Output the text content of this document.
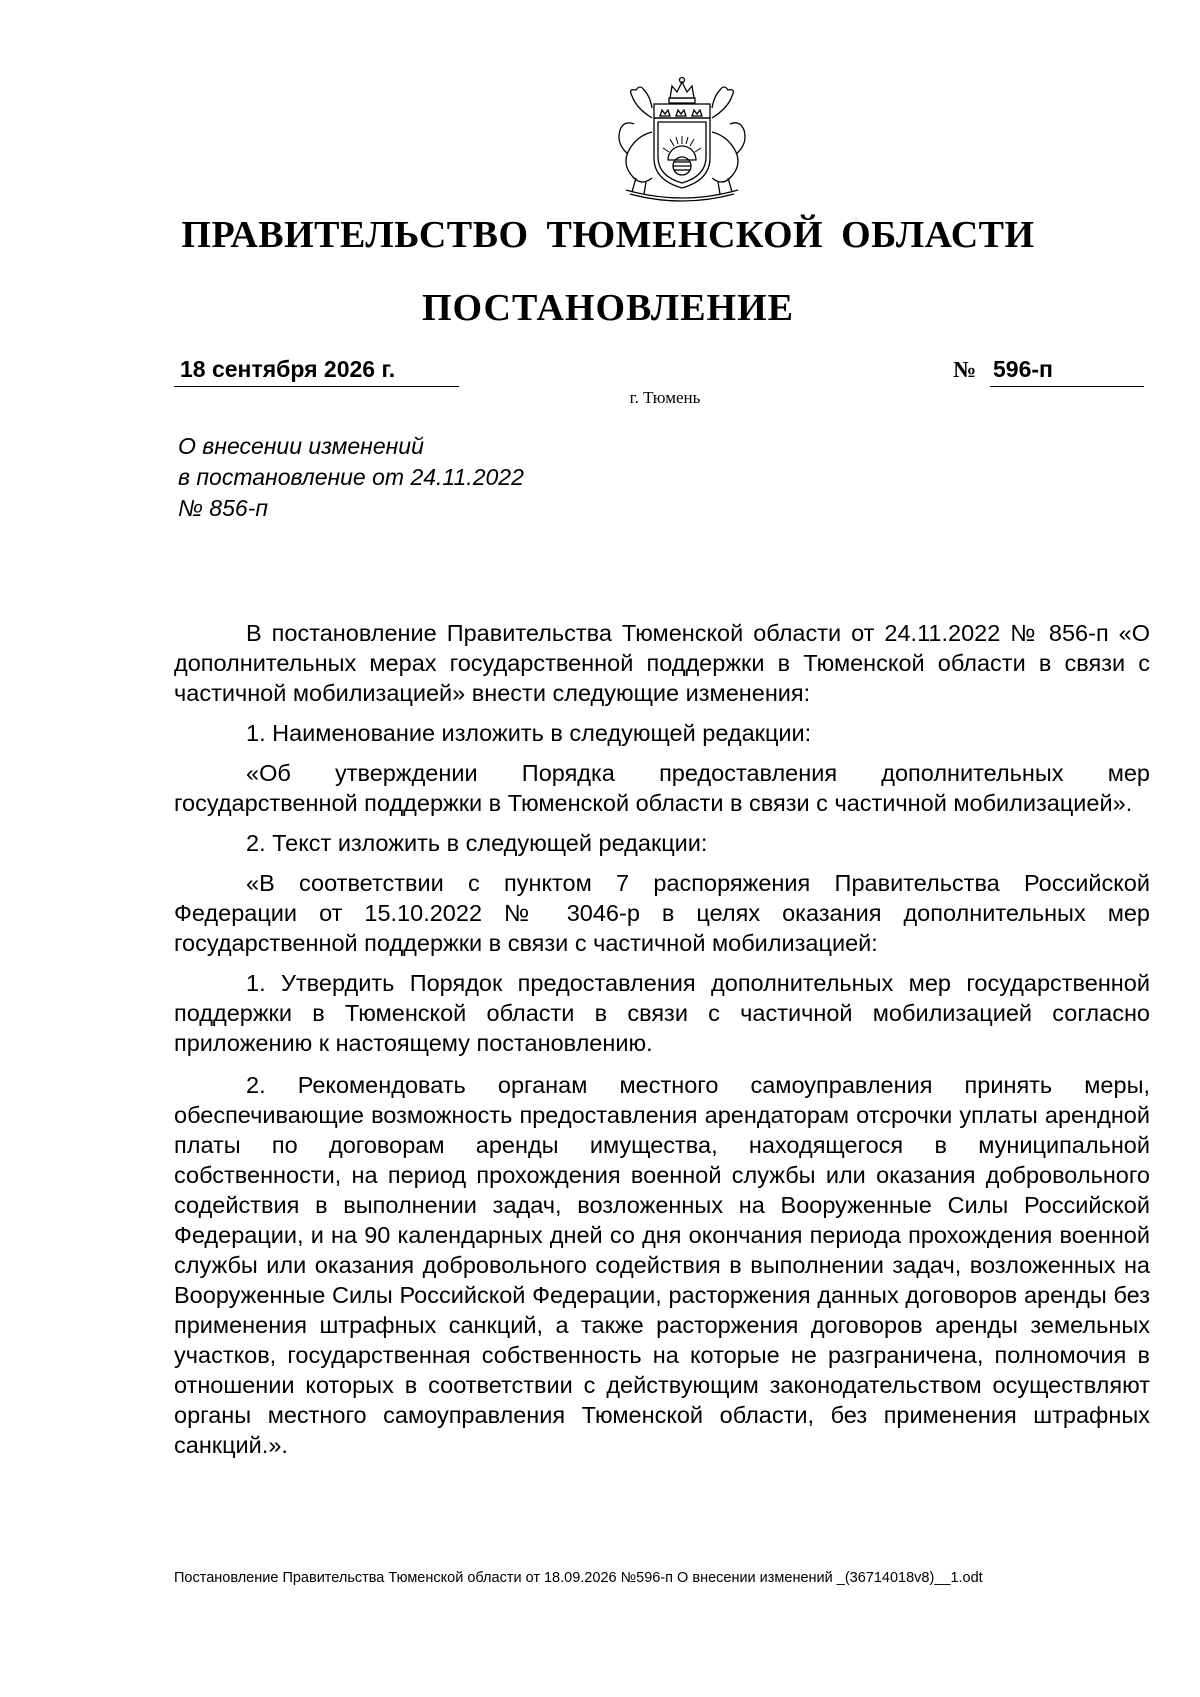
ПРАВИТЕЛЬСТВО ТЮМЕНСКОЙ ОБЛАСТИ
ПОСТАНОВЛЕНИЕ
18 сентября 2026 г.	№ 596-п
г. Тюмень
О внесении изменений
в постановление от 24.11.2022
№ 856-п

В постановление Правительства Тюменской области от 24.11.2022 № 856-п «О дополнительных мерах государственной поддержки в Тюменской области в связи с частичной мобилизацией» внести следующие изменения:

1. Наименование изложить в следующей редакции:

«Об утверждении Порядка предоставления дополнительных мер государственной поддержки в Тюменской области в связи с частичной мобилизацией».

2. Текст изложить в следующей редакции:

«В соответствии с пунктом 7 распоряжения Правительства Российской Федерации от 15.10.2022 № 3046-р в целях оказания дополнительных мер государственной поддержки в связи с частичной мобилизацией:

1. Утвердить Порядок предоставления дополнительных мер государственной поддержки в Тюменской области в связи с частичной мобилизацией согласно приложению к настоящему постановлению.

2. Рекомендовать органам местного самоуправления принять меры, обеспечивающие возможность предоставления арендаторам отсрочки уплаты арендной платы по договорам аренды имущества, находящегося в муниципальной собственности, на период прохождения военной службы или оказания добровольного содействия в выполнении задач, возложенных на Вооруженные Силы Российской Федерации, и на 90 календарных дней со дня окончания периода прохождения военной службы или оказания добровольного содействия в выполнении задач, возложенных на Вооруженные Силы Российской Федерации, расторжения данных договоров аренды без применения штрафных санкций, а также расторжения договоров аренды земельных участков, государственная собственность на которые не разграничена, полномочия в отношении которых в соответствии с действующим законодательством осуществляют органы местного самоуправления Тюменской области, без применения штрафных санкций.».

Постановление Правительства Тюменской области от 18.09.2026 №596-п О внесении изменений _(36714018v8)__1.odt
